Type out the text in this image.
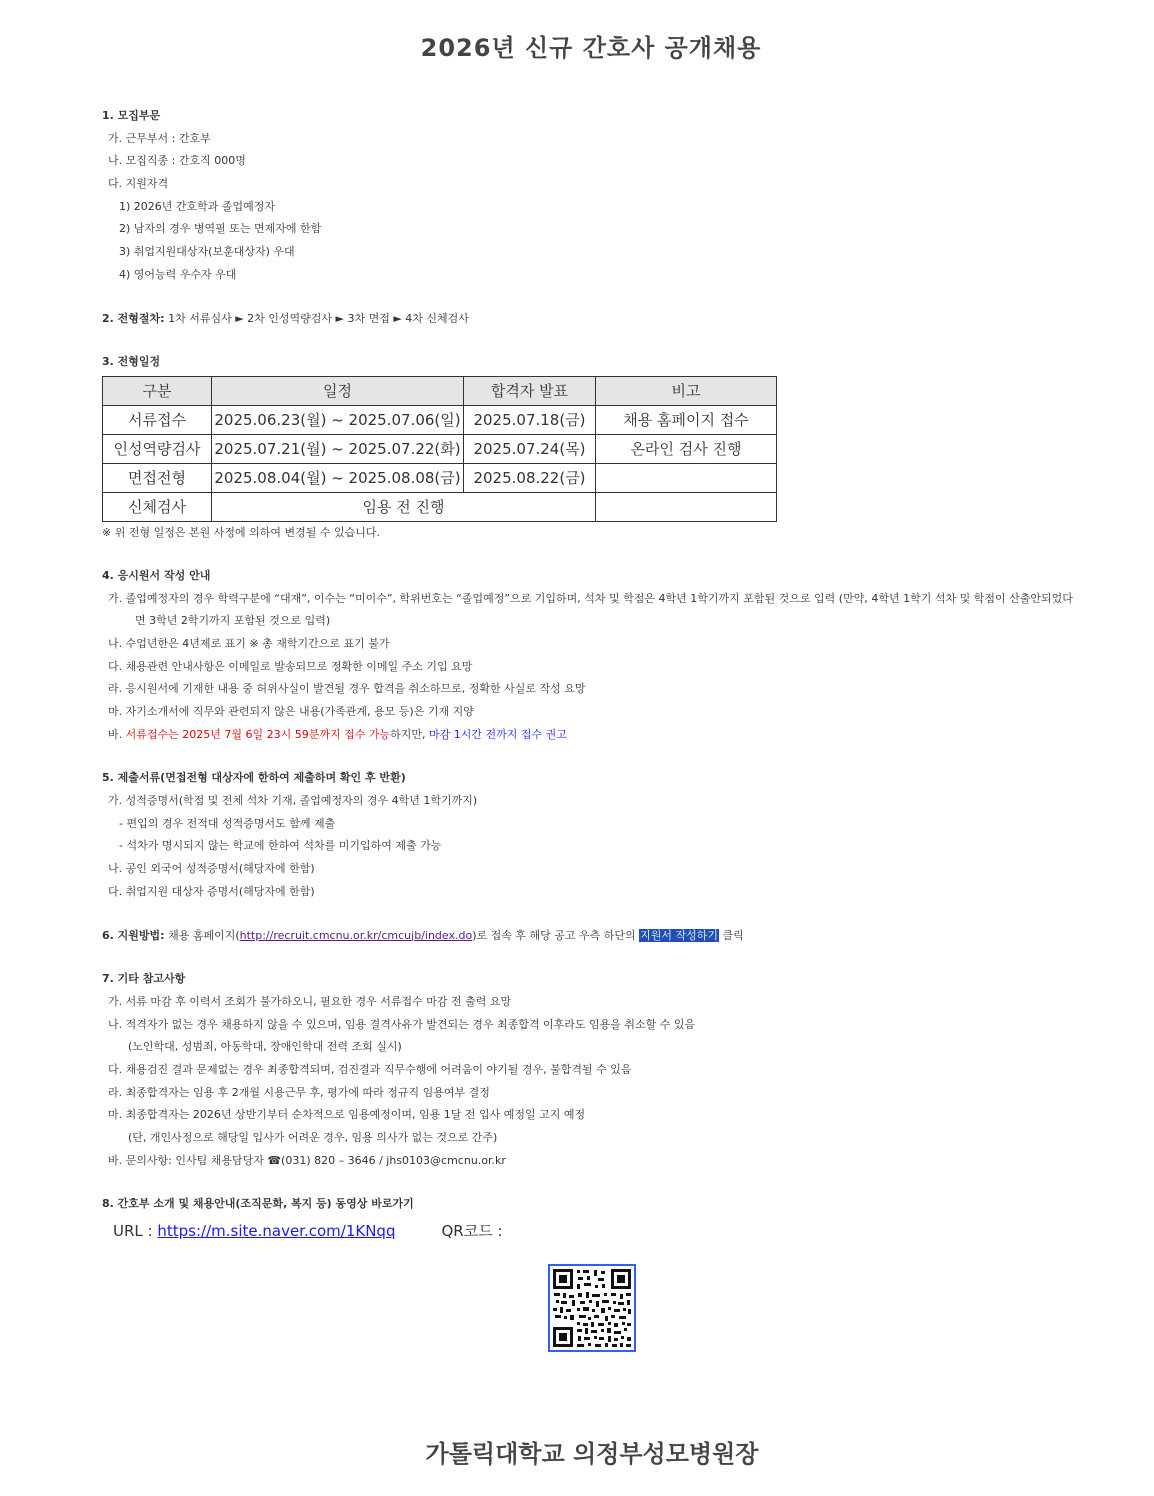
2026년 신규 간호사 공개채용
1. 모집부문
가. 근무부서 : 간호부
나. 모집직종 : 간호직 000명
다. 지원자격
1) 2026년 간호학과 졸업예정자
2) 남자의 경우 병역필 또는 면제자에 한함
3) 취업지원대상자(보훈대상자) 우대
4) 영어능력 우수자 우대
2. 전형절차: 1차 서류심사 ► 2차 인성역량검사 ► 3차 면접 ► 4차 신체검사
3. 전형일정
구분	일정	합격자 발표	비고
서류접수	2025.06.23(월) ~ 2025.07.06(일)	2025.07.18(금)	채용 홈페이지 접수
인성역량검사	2025.07.21(월) ~ 2025.07.22(화)	2025.07.24(목)	온라인 검사 진행
면접전형	2025.08.04(월) ~ 2025.08.08(금)	2025.08.22(금)	
신체검사	임용 전 진행		
※ 위 전형 일정은 본원 사정에 의하여 변경될 수 있습니다.
4. 응시원서 작성 안내
가. 졸업예정자의 경우 학력구분에 “대재”, 이수는 “미이수”, 학위번호는 “졸업예정”으로 기입하며, 석차 및 학점은 4학년 1학기까지 포함된 것으로 입력 (만약, 4학년 1학기 석차 및 학점이 산출안되었다
면 3학년 2학기까지 포함된 것으로 입력)
나. 수업년한은 4년제로 표기 ※ 총 재학기간으로 표기 불가
다. 채용관련 안내사항은 이메일로 발송되므로 정확한 이메일 주소 기입 요망
라. 응시원서에 기재한 내용 중 허위사실이 발견될 경우 합격을 취소하므로, 정확한 사실로 작성 요망
마. 자기소개서에 직무와 관련되지 않은 내용(가족관계, 용모 등)은 기재 지양
바. 서류접수는 2025년 7월 6일 23시 59분까지 접수 가능하지만, 마감 1시간 전까지 접수 권고
5. 제출서류(면접전형 대상자에 한하여 제출하며 확인 후 반환)
가. 성적증명서(학점 및 전체 석차 기재, 졸업예정자의 경우 4학년 1학기까지)
- 편입의 경우 전적대 성적증명서도 함께 제출
- 석차가 명시되지 않는 학교에 한하여 석차를 미기입하여 제출 가능
나. 공인 외국어 성적증명서(해당자에 한함)
다. 취업지원 대상자 증명서(해당자에 한함)
6. 지원방법: 채용 홈페이지(http://recruit.cmcnu.or.kr/cmcujb/index.do)로 접속 후 해당 공고 우측 하단의 지원서 작성하기 클릭
7. 기타 참고사항
가. 서류 마감 후 이력서 조회가 불가하오니, 필요한 경우 서류접수 마감 전 출력 요망
나. 적격자가 없는 경우 채용하지 않을 수 있으며, 임용 결격사유가 발견되는 경우 최종합격 이후라도 임용을 취소할 수 있음
(노인학대, 성범죄, 아동학대, 장애인학대 전력 조회 실시)
다. 채용검진 결과 문제없는 경우 최종합격되며, 검진결과 직무수행에 어려움이 야기될 경우, 불합격될 수 있음
라. 최종합격자는 임용 후 2개월 시용근무 후, 평가에 따라 정규직 임용여부 결정
마. 최종합격자는 2026년 상반기부터 순차적으로 임용예정이며, 임용 1달 전 입사 예정일 고지 예정
(단, 개인사정으로 해당일 입사가 어려운 경우, 임용 의사가 없는 것으로 간주)
바. 문의사항: 인사팀 채용담당자 ☎(031) 820 – 3646 / jhs0103@cmcnu.or.kr
8. 간호부 소개 및 채용안내(조직문화, 복지 등) 동영상 바로가기
URL : https://m.site.naver.com/1KNqq	QR코드 :
가톨릭대학교 의정부성모병원장
